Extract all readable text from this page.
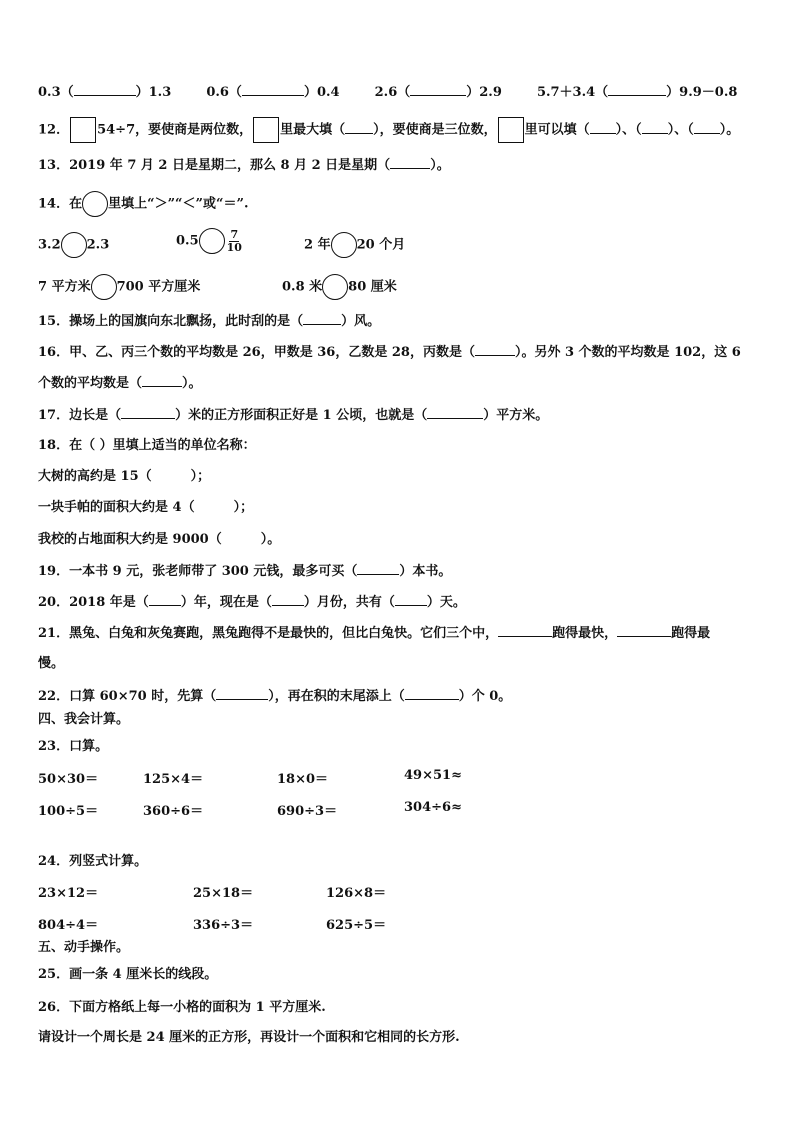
0.3（	）1.3	0.6（	）0.4	2.6（	）2.9	5.7＋3.4（	）9.9－0.8
12． 54÷7，要使商是两位数， 里最大填（ ），要使商是三位数， 里可以填（ ）、（ ）、（ ）。
13．2019 年 7 月 2 日是星期二，那么 8 月 2 日是星期（	）。
14．在 里填上“＞”“＜”或“＝”.
3.2 2.3	0.5	$\frac{7}{10}$	2 年 20 个月
7 平方米 700 平方厘米	0.8 米 80 厘米
15．操场上的国旗向东北飘扬，此时刮的是（	）风。
16．甲、乙、丙三个数的平均数是 26，甲数是 36，乙数是 28，丙数是（	）。另外 3 个数的平均数是 102，这 6
个数的平均数是（	）。
17．边长是（	）米的正方形面积正好是 1 公顷，也就是（	）平方米。
18．在（ ）里填上适当的单位名称：
大树的高约是 15（　　　）；
一块手帕的面积大约是 4（　　　）；
我校的占地面积大约是 9000（　　　）。
19．一本书 9 元，张老师带了 300 元钱，最多可买（	）本书。
20．2018 年是（ ）年，现在是（ ）月份，共有（ ）天。
21．黑兔、白兔和灰兔赛跑，黑兔跑得不是最快的，但比白兔快。它们三个中，	跑得最快，	跑得最
慢。
22．口算 60×70 时，先算（	），再在积的末尾添上（	）个 0。
四、我会计算。
23．口算。
50×30＝	125×4＝	18×0＝	49×51≈
100÷5＝	360÷6＝	690÷3＝	304÷6≈
24．列竖式计算。
23×12＝	25×18＝	126×8＝
804÷4＝	336÷3＝	625÷5＝
五、动手操作。
25．画一条 4 厘米长的线段。
26．下面方格纸上每一小格的面积为 1 平方厘米.
请设计一个周长是 24 厘米的正方形，再设计一个面积和它相同的长方形.
